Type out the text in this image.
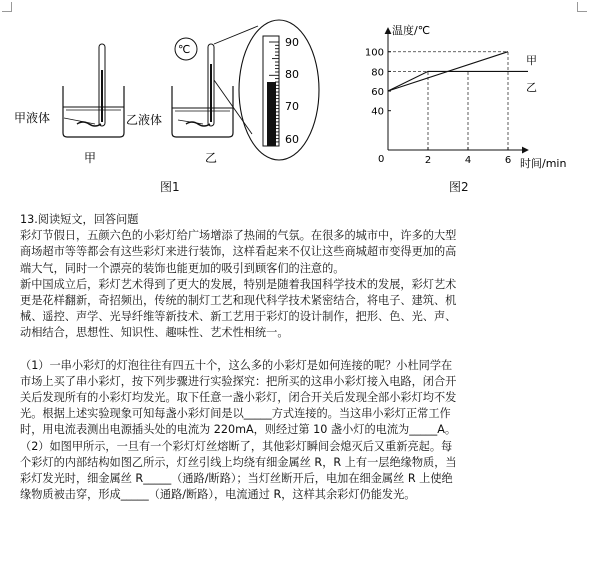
甲液体
甲
乙液体
乙
℃
90
80
70
60
图1
40
60
80
100
2	4	6
温度/℃
时间/min
0
甲
乙
图2

13.阅读短文，回答问题

彩灯节假日，五颜六色的小彩灯给广场增添了热闹的气氛。在很多的城市中，许多的大型

商场超市等等都会有这些彩灯来进行装饰，这样看起来不仅让这些商城超市变得更加的高

端大气，同时一个漂亮的装饰也能更加的吸引到顾客们的注意的。

新中国成立后，彩灯艺术得到了更大的发展，特别是随着我国科学技术的发展，彩灯艺术

更是花样翻新，奇招频出，传统的制灯工艺和现代科学技术紧密结合，将电子、建筑、机

械、遥控、声学、光导纤维等新技术、新工艺用于彩灯的设计制作，把形、色、光、声、

动相结合，思想性、知识性、趣味性、艺术性相统一。

（1）一串小彩灯的灯泡往往有四五十个，这么多的小彩灯是如何连接的呢？小杜同学在

市场上买了串小彩灯，按下列步骤进行实验探究：把所买的这串小彩灯接入电路，闭合开

关后发现所有的小彩灯均发光。取下任意一盏小彩灯，闭合开关后发现全部小彩灯均不发

光。根据上述实验现象可知每盏小彩灯间是以_____方式连接的。当这串小彩灯正常工作

时，用电流表测出电源插头处的电流为 220mA，则经过第 10 盏小灯的电流为_____A。

（2）如图甲所示，一旦有一个彩灯灯丝熔断了，其他彩灯瞬间会熄灭后又重新亮起。每

个彩灯的内部结构如图乙所示，灯丝引线上均绕有细金属丝 R，R 上有一层绝缘物质，当

彩灯发光时，细金属丝 R_____（通路/断路）；当灯丝断开后，电加在细金属丝 R 上使绝

缘物质被击穿，形成_____（通路/断路），电流通过 R，这样其余彩灯仍能发光。
